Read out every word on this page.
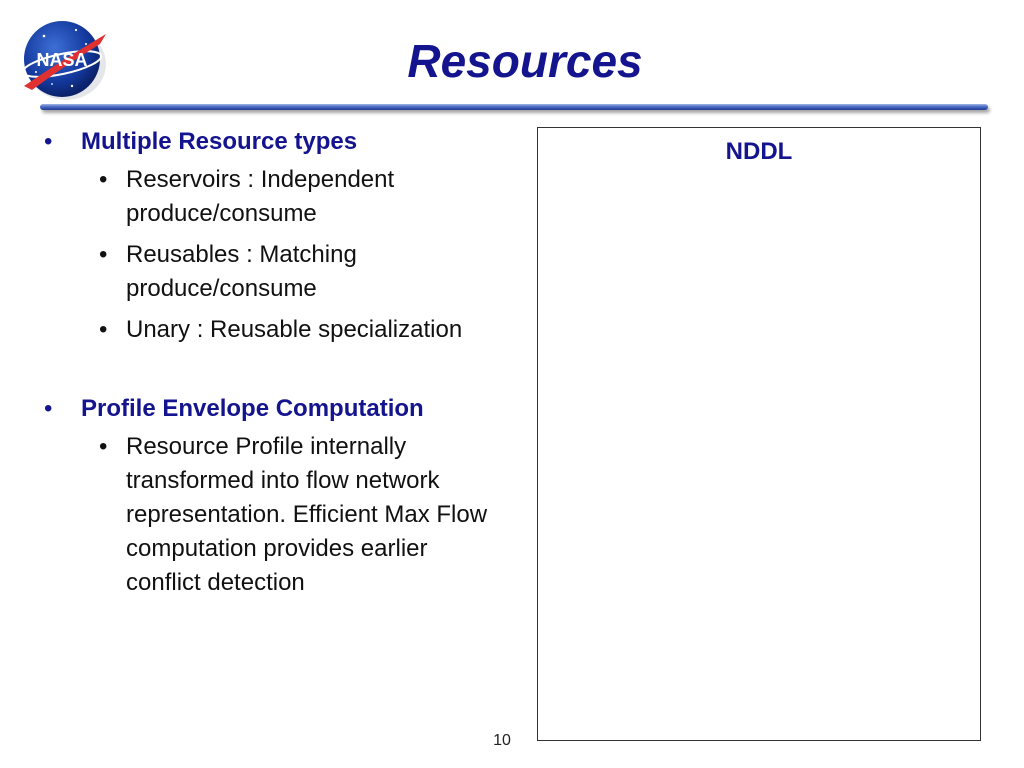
NASA	Resources
• Multiple Resource types
• Reservoirs : Independent produce/consume
• Reusables : Matching produce/consume
• Unary : Reusable specialization
• Profile Envelope Computation
• Resource Profile internally transformed into flow network representation. Efficient Max Flow computation provides earlier conflict detection
NDDL
10
